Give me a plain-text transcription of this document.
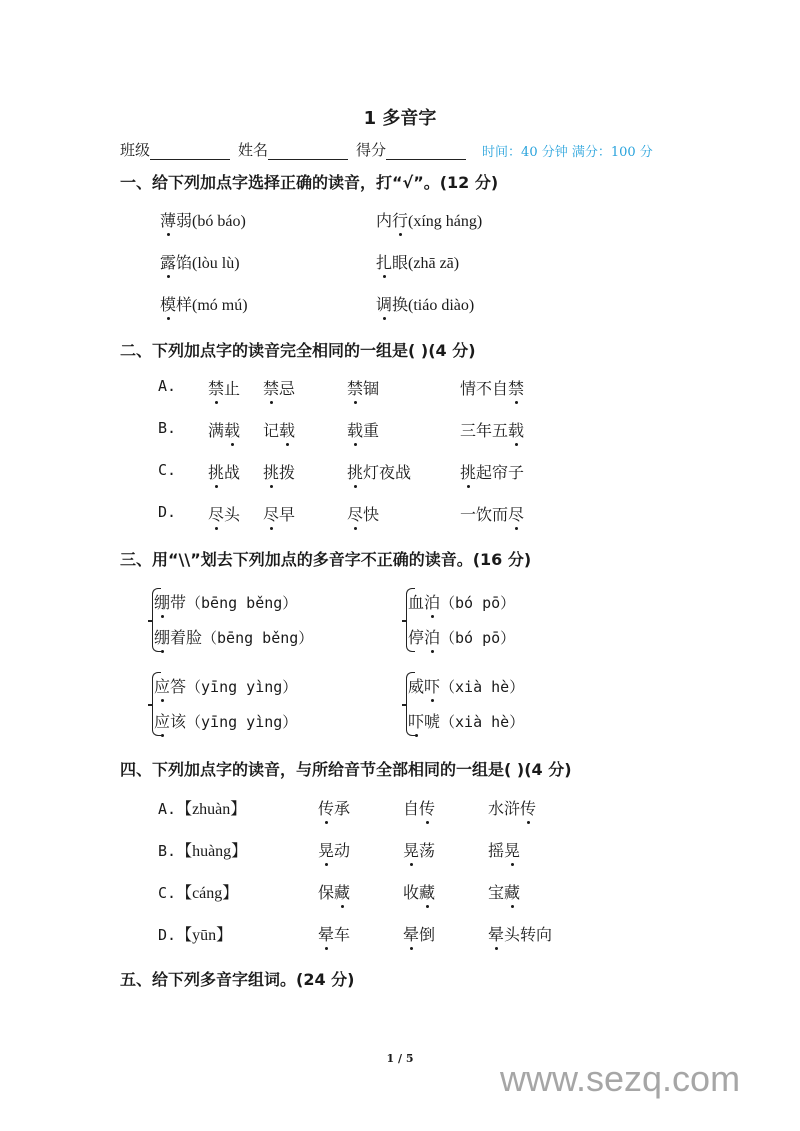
1 多音字
班级	姓名	得分	时间：40 分钟 满分：100 分
一、给下列加点字选择正确的读音，打“√”。(12 分)
薄弱(bó báo)	内行(xíng háng)
露馅(lòu lù)	扎眼(zhā zā)
模样(mó mú)	调换(tiáo diào)
二、下列加点字的读音完全相同的一组是( )(4 分)
A. 禁止 禁忌	禁锢	情不自禁
B. 满载 记载	载重	三年五载
C. 挑战 挑拨	挑灯夜战	挑起帘子
D. 尽头 尽早	尽快	一饮而尽
三、用“\\”划去下列加点的多音字不正确的读音。(16 分)
绷带（bēng běng）
绷着脸（bēng běng）
血泊（bó pō）
停泊（bó pō）
应答（yīng yìng）
应该（yīng yìng）
威吓（xià hè）
吓唬（xià hè）
四、下列加点字的读音，与所给音节全部相同的一组是( )(4 分)
A.【zhuàn】	传承	自传	水浒传
B.【huàng】	晃动	晃荡	摇晃
C.【cáng】	保藏	收藏	宝藏
D.【yūn】	晕车	晕倒	晕头转向
五、给下列多音字组词。(24 分)
1 / 5	www.sezq.com
